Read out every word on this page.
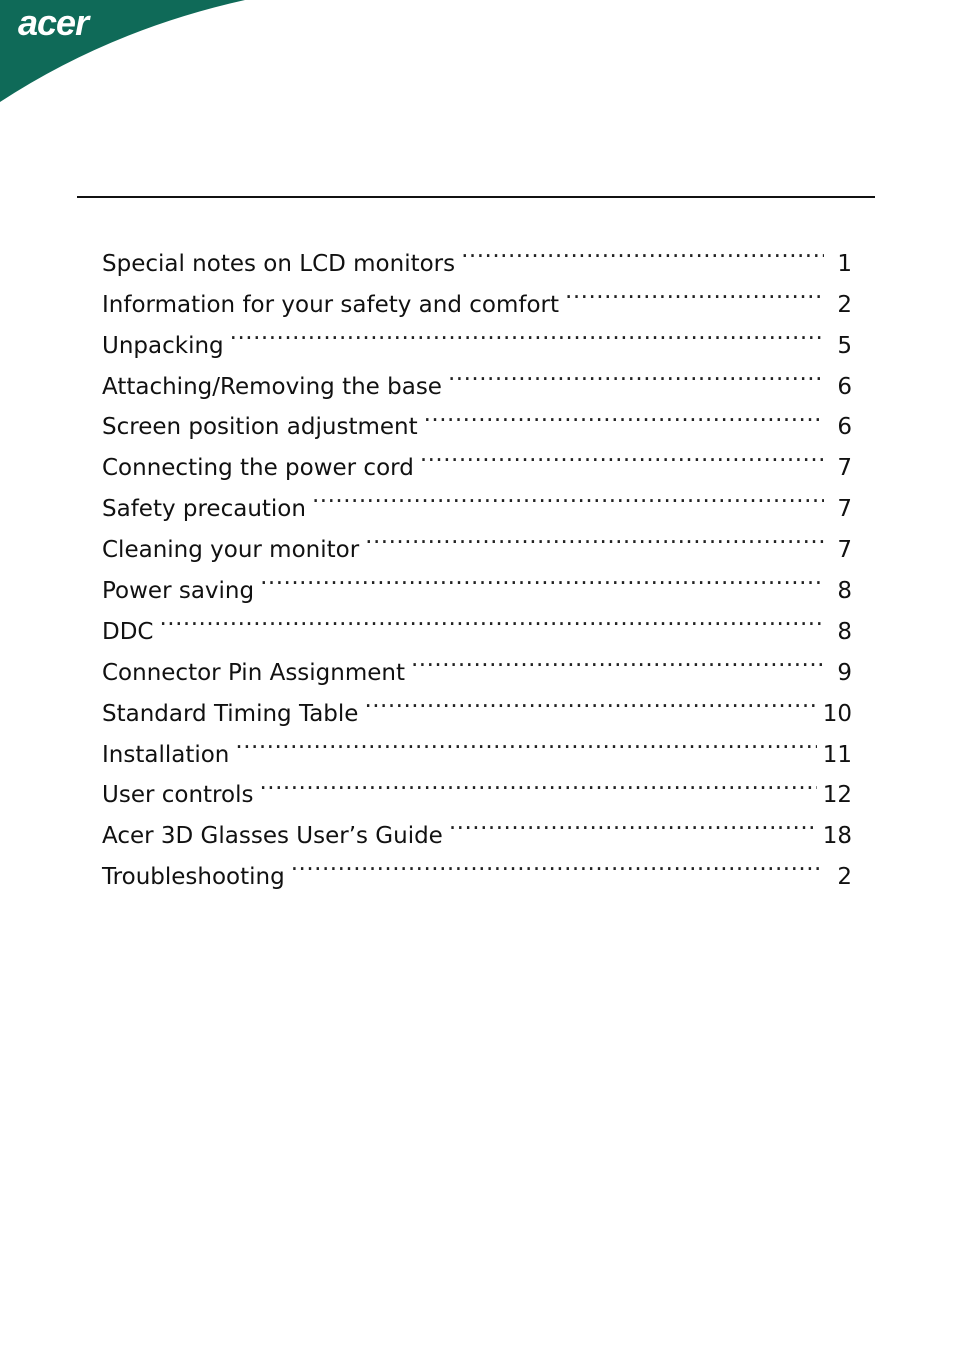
acer
Special notes on LCD monitors .....	1
Information for your safety and comfort .....	2
Unpacking .....	5
Attaching/Removing the base .....	6
Screen position adjustment .....	6
Connecting the power cord .....	7
Safety precaution .....	7
Cleaning your monitor .....	7
Power saving .....	8
DDC .....	8
Connector Pin Assignment .....	9
Standard Timing Table .....	10
Installation .....	11
User controls .....	12
Acer 3D Glasses User’s Guide .....	18
Troubleshooting .....	2
